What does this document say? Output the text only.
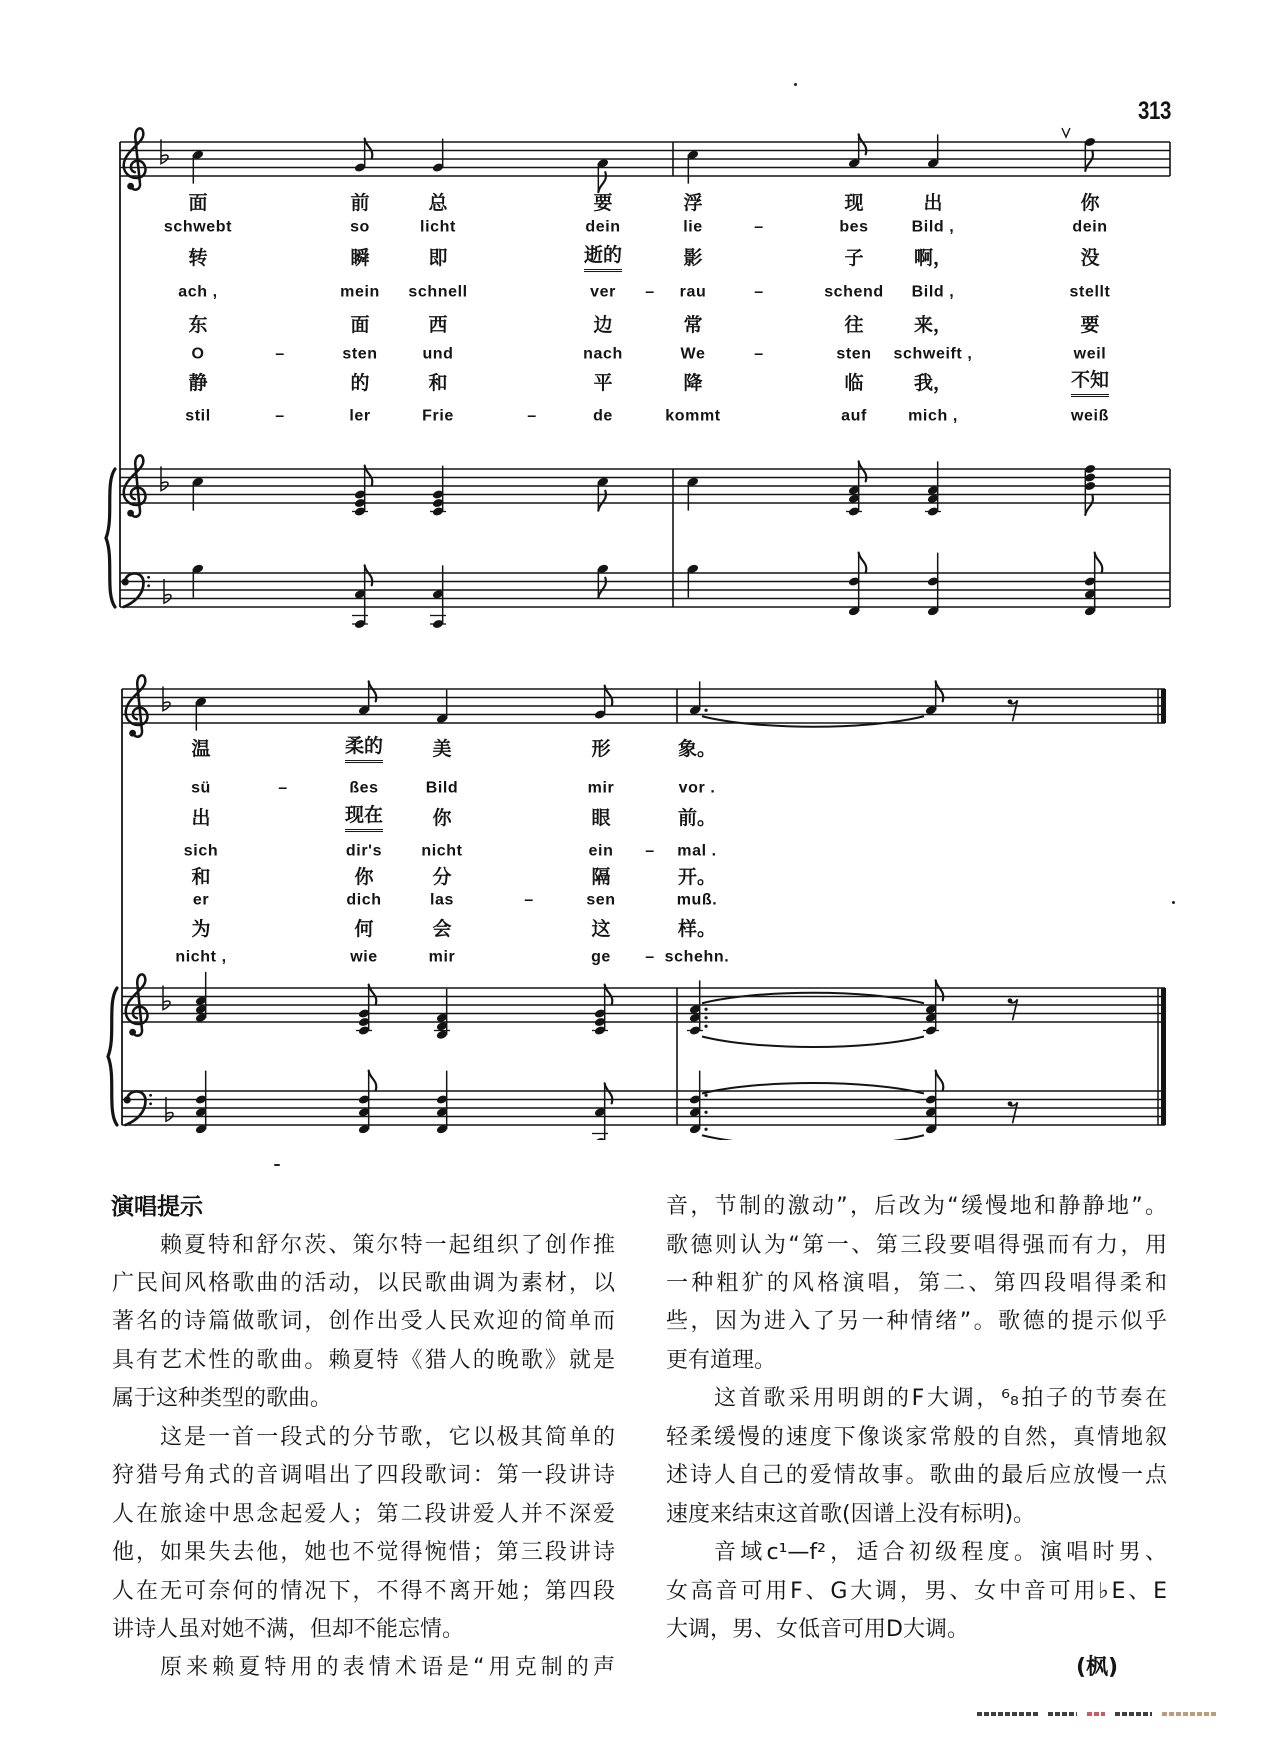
313
面	前	总	要	浮	现	出	你
schwebt	so	licht	dein	lie	–	bes	Bild ,	dein
转	瞬	即	逝的	影	子	啊，	没
ach ,	mein schnell	ver – rau	–	schend Bild ,	stellt
东	面	西	边	常	往	来，	要
O	–	sten	und	nach	We	–	sten schweift ,	weil
静	的	和	平	降	临	我，	不知
stil	–	ler	Frie	–	de	kommt	auf	mich ,	weiß
温	柔的	美	形	象。
sü	–	ßes	Bild	mir	vor .
出	现在	你	眼	前。
sich	dir's nicht	ein – mal .
和	你	分	隔	开。
er	dich	las	–	sen	muß.
为	何	会	这	样。
nicht ,	wie	mir	ge – schehn.
演唱提示
赖夏特和舒尔茨、策尔特一起组织了创作推
广民间风格歌曲的活动，以民歌曲调为素材，以
著名的诗篇做歌词，创作出受人民欢迎的简单而
具有艺术性的歌曲。赖夏特《猎人的晚歌》就是
属于这种类型的歌曲。
这是一首一段式的分节歌，它以极其简单的
狩猎号角式的音调唱出了四段歌词：第一段讲诗
人在旅途中思念起爱人；第二段讲爱人并不深爱
他，如果失去他，她也不觉得惋惜；第三段讲诗
人在无可奈何的情况下，不得不离开她；第四段
讲诗人虽对她不满，但却不能忘情。
原来赖夏特用的表情术语是“用克制的声
音，节制的激动”，后改为“缓慢地和静静地”。
歌德则认为“第一、第三段要唱得强而有力，用
一种粗犷的风格演唱，第二、第四段唱得柔和
些，因为进入了另一种情绪”。歌德的提示似乎
更有道理。
这首歌采用明朗的F大调，⁶₈拍子的节奏在
轻柔缓慢的速度下像谈家常般的自然，真情地叙
述诗人自己的爱情故事。歌曲的最后应放慢一点
速度来结束这首歌(因谱上没有标明)。
音域c¹—f²，适合初级程度。演唱时男、
女高音可用F、G大调，男、女中音可用♭E、E
大调，男、女低音可用D大调。
(枫)
